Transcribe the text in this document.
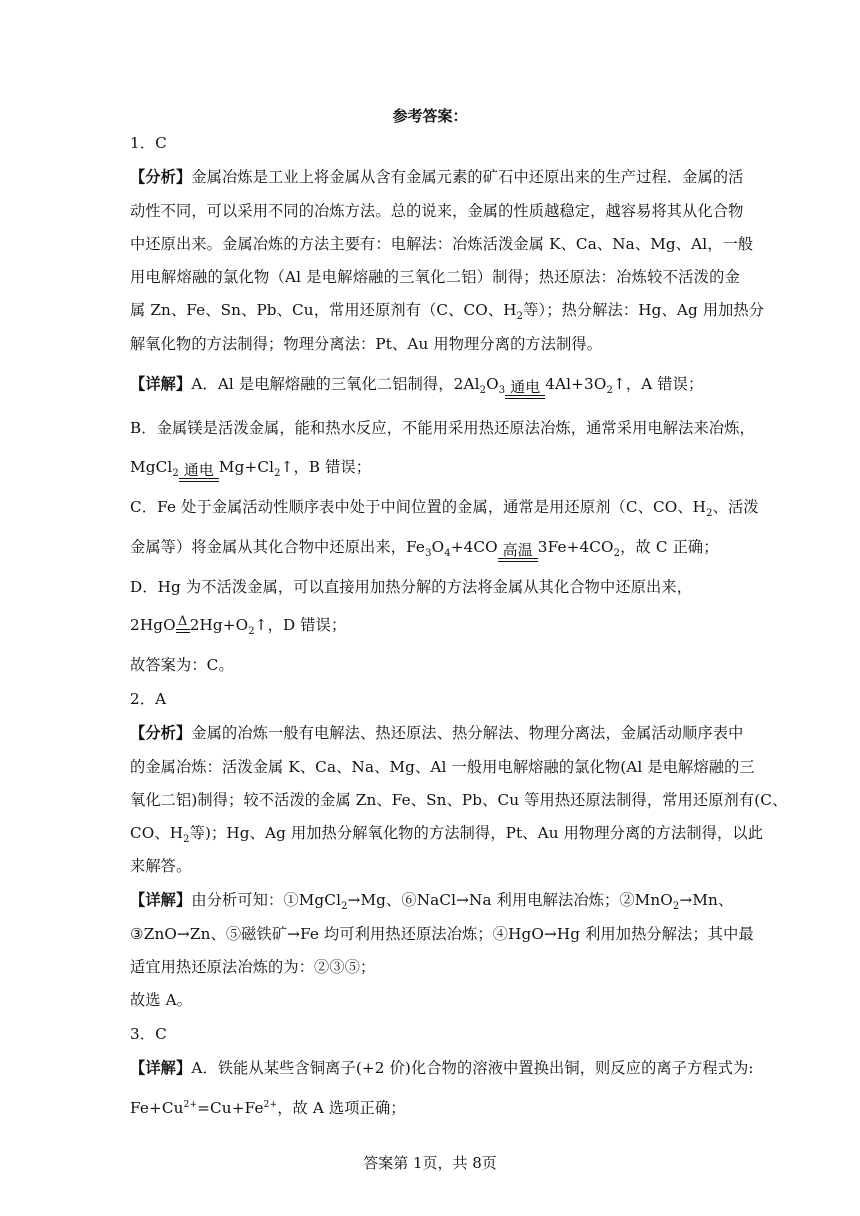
参考答案：
1．C
【分析】金属冶炼是工业上将金属从含有金属元素的矿石中还原出来的生产过程．金属的活
动性不同，可以采用不同的冶炼方法。总的说来，金属的性质越稳定，越容易将其从化合物
中还原出来。金属冶炼的方法主要有：电解法：冶炼活泼金属 K、Ca、Na、Mg、Al，一般
用电解熔融的氯化物（Al 是电解熔融的三氧化二铝）制得；热还原法：冶炼较不活泼的金
属 Zn、Fe、Sn、Pb、Cu，常用还原剂有（C、CO、$H_2$等）；热分解法：Hg、Ag 用加热分
解氧化物的方法制得；物理分离法：Pt、Au 用物理分离的方法制得。
【详解】A．Al 是电解熔融的三氧化二铝制得，$2Al_2O_3$ 通电 $4Al+3O_2↑$，A 错误；
B．金属镁是活泼金属，能和热水反应，不能用采用热还原法冶炼，通常采用电解法来冶炼，
MgCl$_2$ 通电 $Mg+Cl_2↑$，B 错误；
C．Fe 处于金属活动性顺序表中处于中间位置的金属，通常是用还原剂（C、CO、$H_2$、活泼
金属等）将金属从其化合物中还原出来，$Fe_3O_4+4CO$ 高温 $3Fe+4CO_2$，故 C 正确；
D．Hg 为不活泼金属，可以直接用加热分解的方法将金属从其化合物中还原出来，
2HgO Δ $2Hg+O_2↑$，D 错误；
故答案为：C。
2．A
【分析】金属的冶炼一般有电解法、热还原法、热分解法、物理分离法，金属活动顺序表中
的金属冶炼：活泼金属 K、Ca、Na、Mg、Al 一般用电解熔融的氯化物(Al 是电解熔融的三
氧化二铝)制得；较不活泼的金属 Zn、Fe、Sn、Pb、Cu 等用热还原法制得，常用还原剂有(C、
CO、$H_2$等)；Hg、Ag 用加热分解氧化物的方法制得，Pt、Au 用物理分离的方法制得，以此
来解答。
【详解】由分析可知：①MgCl$_2$→Mg、⑥NaCl→Na 利用电解法冶炼；②MnO$_2$→Mn、
③ZnO→Zn、⑤磁铁矿→Fe 均可利用热还原法冶炼；④HgO→Hg 利用加热分解法；其中最
适宜用热还原法冶炼的为：②③⑤；
故选 A。
3．C
【详解】A．铁能从某些含铜离子(+2 价)化合物的溶液中置换出铜，则反应的离子方程式为:
$Fe+Cu^{2+}=Cu+Fe^{2+}$，故 A 选项正确；
答案第 1页，共 8页
